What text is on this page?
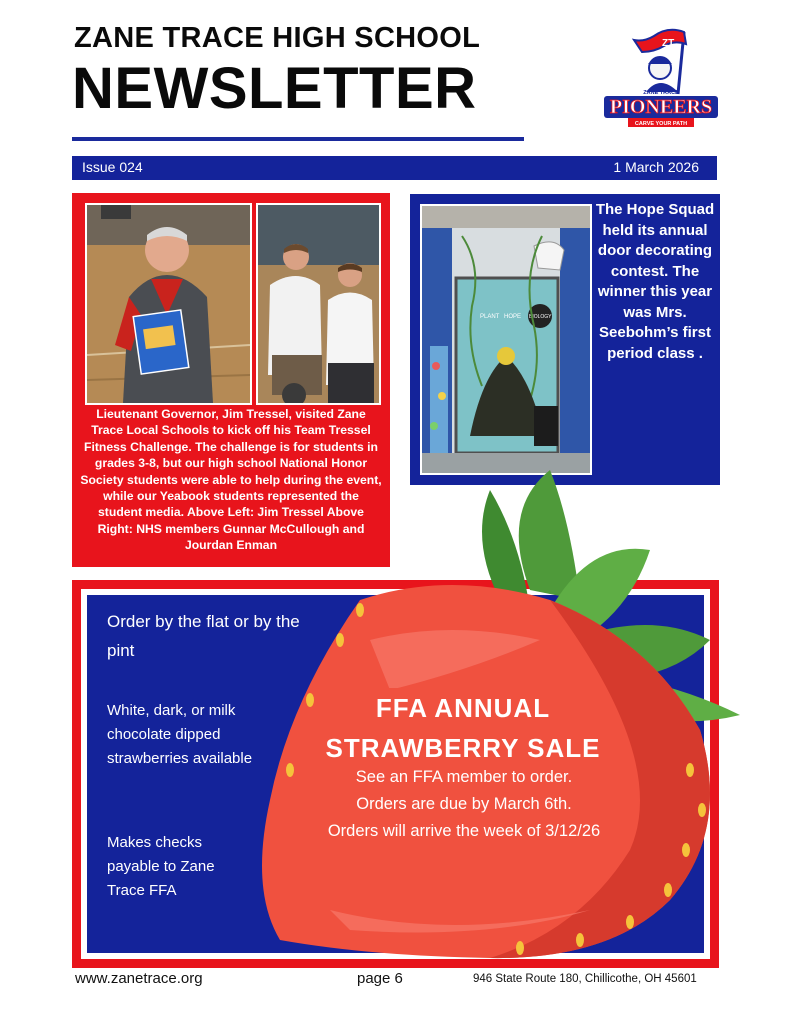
ZANE TRACE HIGH SCHOOL
NEWSLETTER
ZT
ZANE TRACE
PIONEERS
CARVE YOUR PATH
Issue 024	1 March 2026
Lieutenant Governor, Jim Tressel, visited Zane Trace Local Schools to kick off his Team Tressel Fitness Challenge. The challenge is for students in grades 3-8, but our high school National Honor Society students were able to help during the event, while our Yeabook students represented the student media. Above Left: Jim Tressel Above Right: NHS members Gunnar McCullough and Jourdan Enman
PLANT HOPE BIOLOGY
The Hope Squad held its annual door decorating contest. The winner this year was Mrs. Seebohm’s first period class .
Order by the flat or by the pint
White, dark, or milk chocolate dipped strawberries available
Makes checks payable to Zane Trace FFA
FFA ANNUAL
STRAWBERRY SALE
See an FFA member to order.
Orders are due by March 6th.
Orders will arrive the week of 3/12/26
www.zanetrace.org	page 6	946 State Route 180, Chillicothe, OH 45601
